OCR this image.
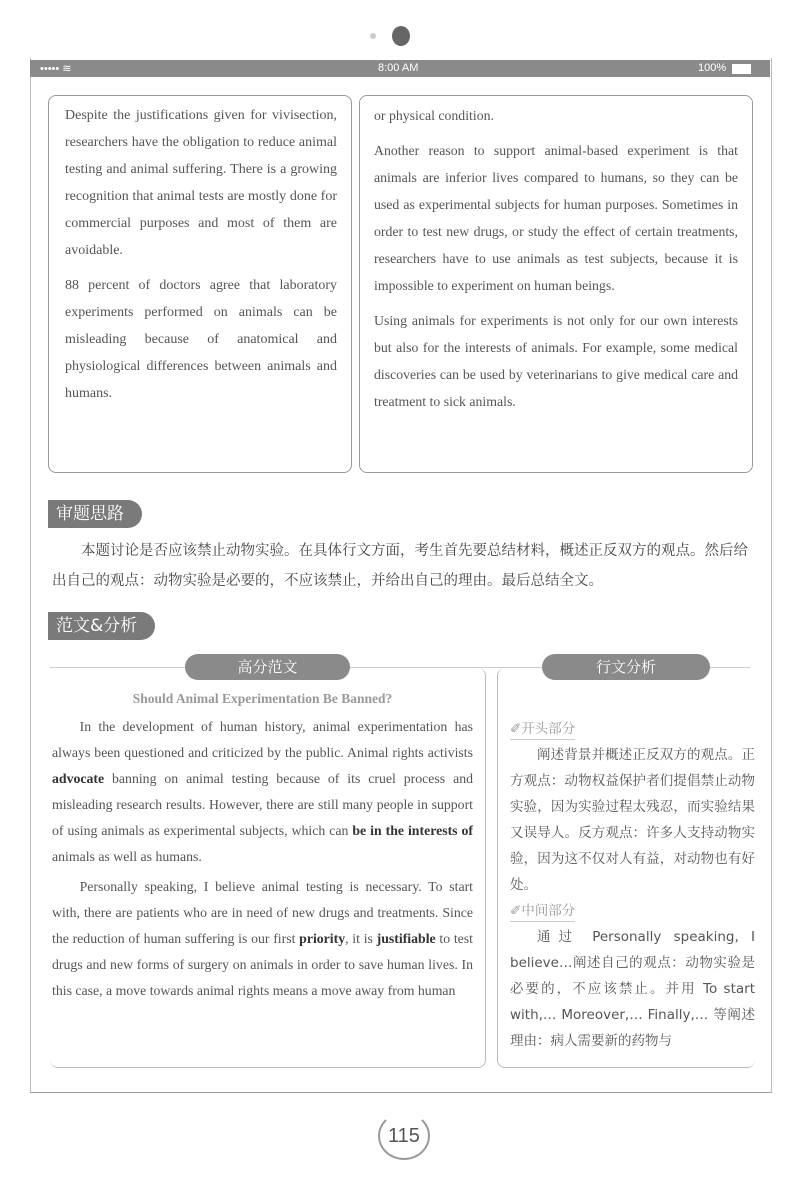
••••• ≋	8:00 AM	100%

Despite the justifications given for vivisection, researchers have the obligation to reduce animal testing and animal suffering. There is a growing recognition that animal tests are mostly done for commercial purposes and most of them are avoidable.

88 percent of doctors agree that laboratory experiments performed on animals can be misleading because of anatomical and physiological differences between animals and humans.

or physical condition.

Another reason to support animal-based experiment is that animals are inferior lives compared to humans, so they can be used as experimental subjects for human purposes. Sometimes in order to test new drugs, or study the effect of certain treatments, researchers have to use animals as test subjects, because it is impossible to experiment on human beings.

Using animals for experiments is not only for our own interests but also for the interests of animals. For example, some medical discoveries can be used by veterinarians to give medical care and treatment to sick animals.

审题思路
本题讨论是否应该禁止动物实验。在具体行文方面，考生首先要总结材料，概述正反双方的观点。然后给出自己的观点：动物实验是必要的，不应该禁止，并给出自己的理由。最后总结全文。
范文&分析
高分范文	行文分析
Should Animal Experimentation Be Banned?

In the development of human history, animal experimentation has always been questioned and criticized by the public. Animal rights activists advocate banning on animal testing because of its cruel process and misleading research results. However, there are still many people in support of using animals as experimental subjects, which can be in the interests of animals as well as humans.

Personally speaking, I believe animal testing is necessary. To start with, there are patients who are in need of new drugs and treatments. Since the reduction of human suffering is our first priority, it is justifiable to test drugs and new forms of surgery on animals in order to save human lives. In this case, a move towards animal rights means a move away from human

✐开头部分

阐述背景并概述正反双方的观点。正方观点：动物权益保护者们提倡禁止动物实验，因为实验过程太残忍，而实验结果又误导人。反方观点：许多人支持动物实验，因为这不仅对人有益，对动物也有好处。

✐中间部分

通过 Personally speaking, I believe…阐述自己的观点：动物实验是必要的，不应该禁止。并用 To start with,… Moreover,… Finally,… 等阐述理由：病人需要新的药物与

115
